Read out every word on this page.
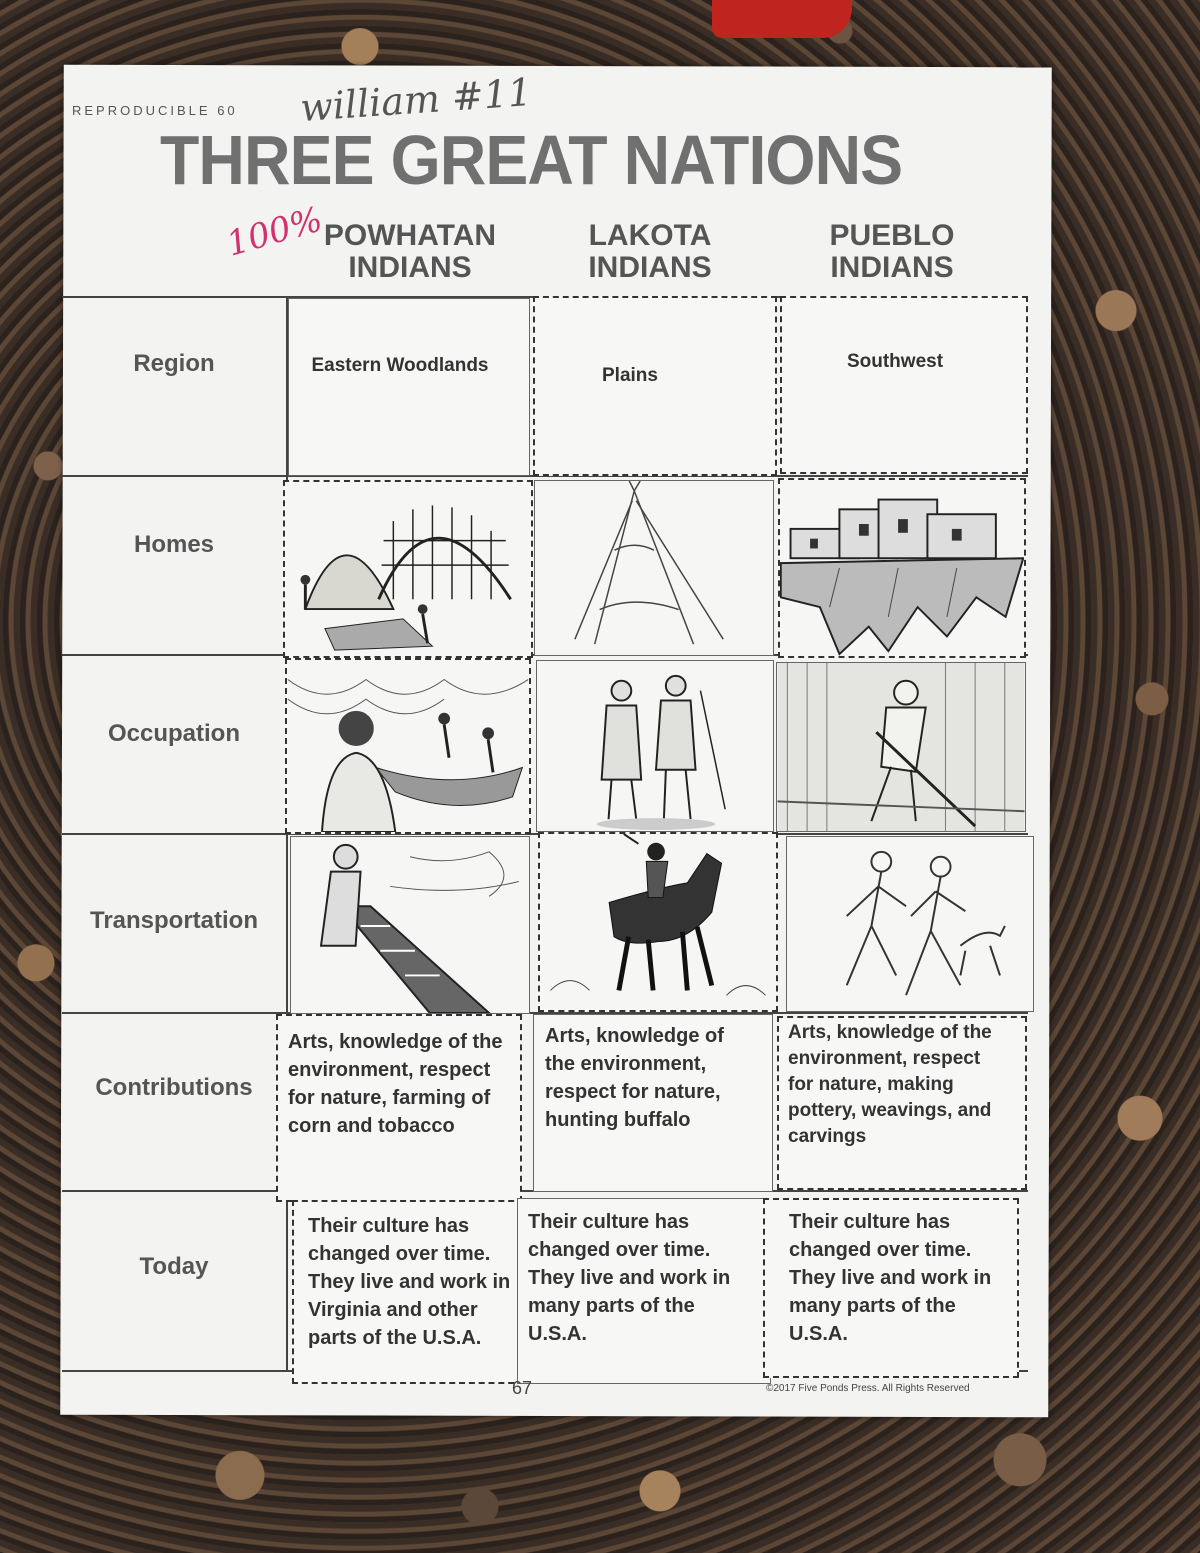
REPRODUCIBLE 60 william #11
THREE GREAT NATIONS
100%
POWHATAN
INDIANS
LAKOTA
INDIANS
PUEBLO
INDIANS
Region
Homes
Occupation
Transportation
Contributions
Today
Eastern Woodlands	Plains
Southwest
Arts, knowledge of the environment, respect for nature, farming of corn and tobacco
Arts, knowledge of the environment, respect for nature, hunting buffalo
Arts, knowledge of the environment, respect for nature, making pottery, weavings, and carvings
Their culture has changed over time. They live and work in Virginia and other parts of the U.S.A.
Their culture has changed over time. They live and work in many parts of the U.S.A.
Their culture has changed over time. They live and work in many parts of the U.S.A.
67	©2017 Five Ponds Press. All Rights Reserved
